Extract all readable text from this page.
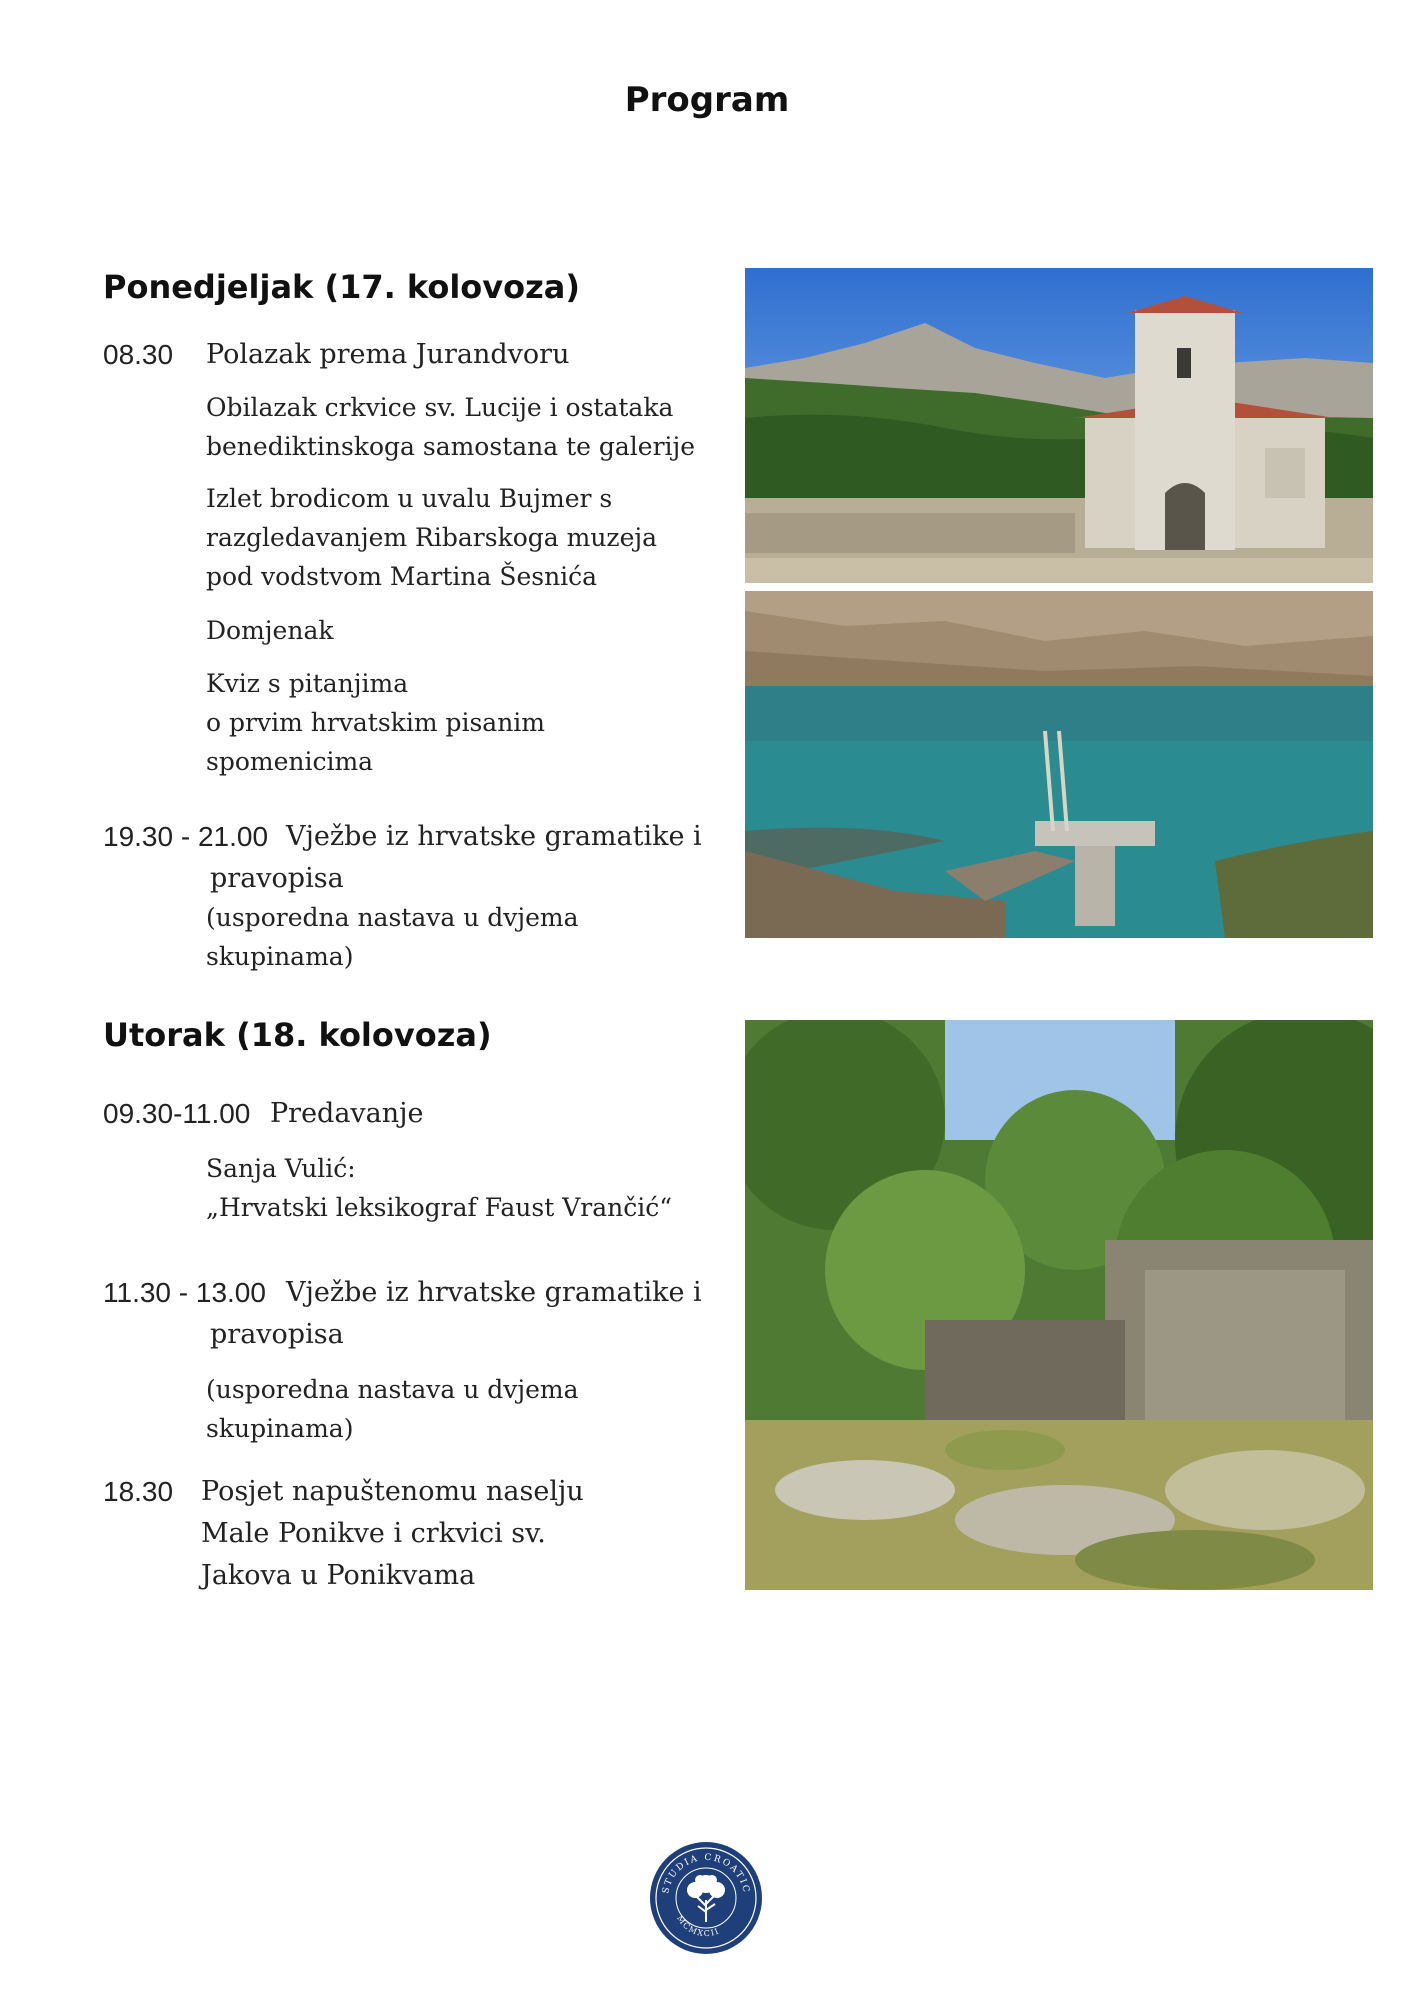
Program
Ponedjeljak (17. kolovoza)
08.30 Polazak prema Jurandvoru
Obilazak crkvice sv. Lucije i ostataka
benediktinskoga samostana te galerije
Izlet brodicom u uvalu Bujmer s
razgledavanjem Ribarskoga muzeja
pod vodstvom Martina Šesnića
Domjenak
Kviz s pitanjima
o prvim hrvatskim pisanim
spomenicima
19.30 - 21.00 Vježbe iz hrvatske gramatike i
pravopisa
(usporedna nastava u dvjema
skupinama)
Utorak (18. kolovoza)
09.30-11.00 Predavanje
Sanja Vulić:
„Hrvatski leksikograf Faust Vrančić“
11.30 - 13.00 Vježbe iz hrvatske gramatike i
pravopisa
(usporedna nastava u dvjema
skupinama)
18.30 Posjet napuštenomu naselju
Male Ponikve i crkvici sv.
Jakova u Ponikvama
STUDIA CROATIC
MCMXCII
